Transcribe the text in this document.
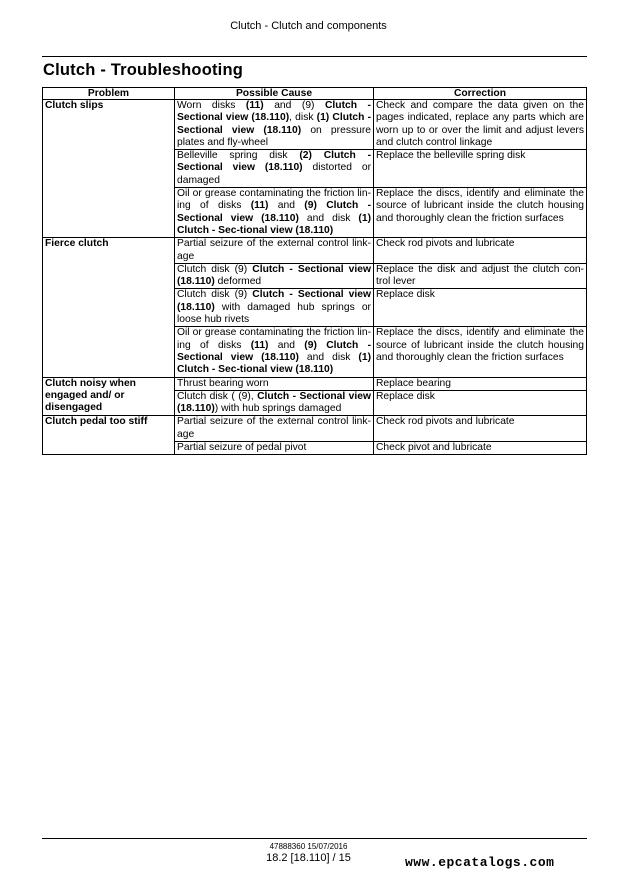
Clutch - Clutch and components
Clutch - Troubleshooting
Problem	Possible Cause	Correction
Clutch slips	Worn disks (11) and (9) Clutch - Sectional view (18.110), disk (1) Clutch - Sectional view (18.110) on pressure plates and fly-wheel	Check and compare the data given on the pages indicated, replace any parts which are worn up to or over the limit and adjust levers and clutch control linkage
	Belleville spring disk (2) Clutch - Sectional view (18.110) distorted or damaged	Replace the belleville spring disk
	Oil or grease contaminating the friction lin-ing of disks (11) and (9) Clutch - Sectional view (18.110) and disk (1) Clutch - Sec-tional view (18.110)	Replace the discs, identify and eliminate the source of lubricant inside the clutch housing and thoroughly clean the friction surfaces
Fierce clutch	Partial seizure of the external control link-age	Check rod pivots and lubricate
	Clutch disk (9) Clutch - Sectional view (18.110) deformed	Replace the disk and adjust the clutch con-trol lever
	Clutch disk (9) Clutch - Sectional view (18.110) with damaged hub springs or loose hub rivets	Replace disk
	Oil or grease contaminating the friction lin-ing of disks (11) and (9) Clutch - Sectional view (18.110) and disk (1) Clutch - Sec-tional view (18.110)	Replace the discs, identify and eliminate the source of lubricant inside the clutch housing and thoroughly clean the friction surfaces
Clutch noisy when engaged and/ or disengaged	Thrust bearing worn	Replace bearing
	Clutch disk ( (9), Clutch - Sectional view (18.110)) with hub springs damaged	Replace disk
Clutch pedal too stiff	Partial seizure of the external control link-age	Check rod pivots and lubricate
	Partial seizure of pedal pivot	Check pivot and lubricate
47888360 15/07/2016
18.2 [18.110] / 15	www.epcatalogs.com
